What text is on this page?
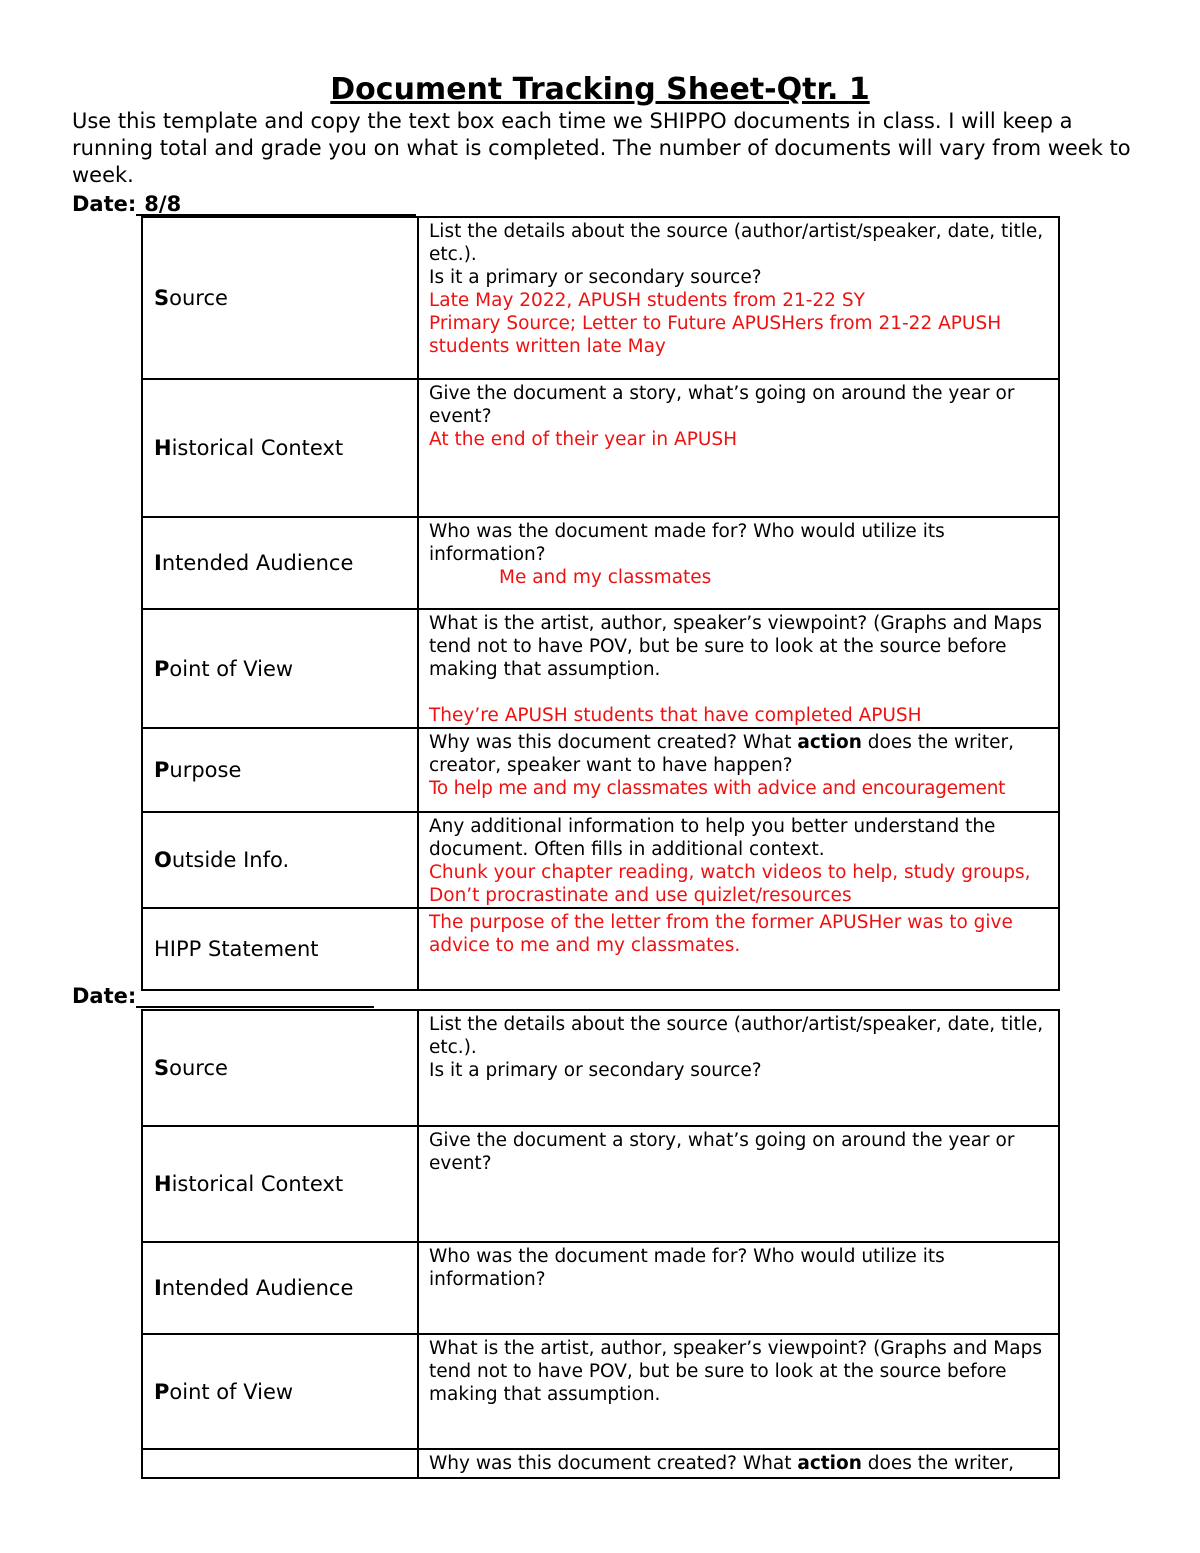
Document Tracking Sheet-Qtr. 1

Use this template and copy the text box each time we SHIPPO documents in class. I will keep a running total and grade you on what is completed. The number of documents will vary from week to week.

Date: 8/8
Source	List the details about the source (author/artist/speaker, date, title, etc.).
Is it a primary or secondary source?
Late May 2022, APUSH students from 21-22 SY
Primary Source; Letter to Future APUSHers from 21-22 APUSH students written late May

Historical Context	Give the document a story, what’s going on around the year or event?
At the end of their year in APUSH

Intended Audience	Who was the document made for? Who would utilize its information?
Me and my classmates

Point of View	What is the artist, author, speaker’s viewpoint? (Graphs and Maps tend not to have POV, but be sure to look at the source before making that assumption.
They’re APUSH students that have completed APUSH

Purpose	Why was this document created? What action does the writer, creator, speaker want to have happen?
To help me and my classmates with advice and encouragement

Outside Info.	Any additional information to help you better understand the document. Often fills in additional context.
Chunk your chapter reading, watch videos to help, study groups, Don’t procrastinate and use quizlet/resources

HIPP Statement	The purpose of the letter from the former APUSHer was to give advice to me and my classmates.
Date:
Source	List the details about the source (author/artist/speaker, date, title, etc.).
Is it a primary or secondary source?

Historical Context	Give the document a story, what’s going on around the year or event?

Intended Audience	Who was the document made for? Who would utilize its information?

Point of View	What is the artist, author, speaker’s viewpoint? (Graphs and Maps tend not to have POV, but be sure to look at the source before making that assumption.

	Why was this document created? What action does the writer,
